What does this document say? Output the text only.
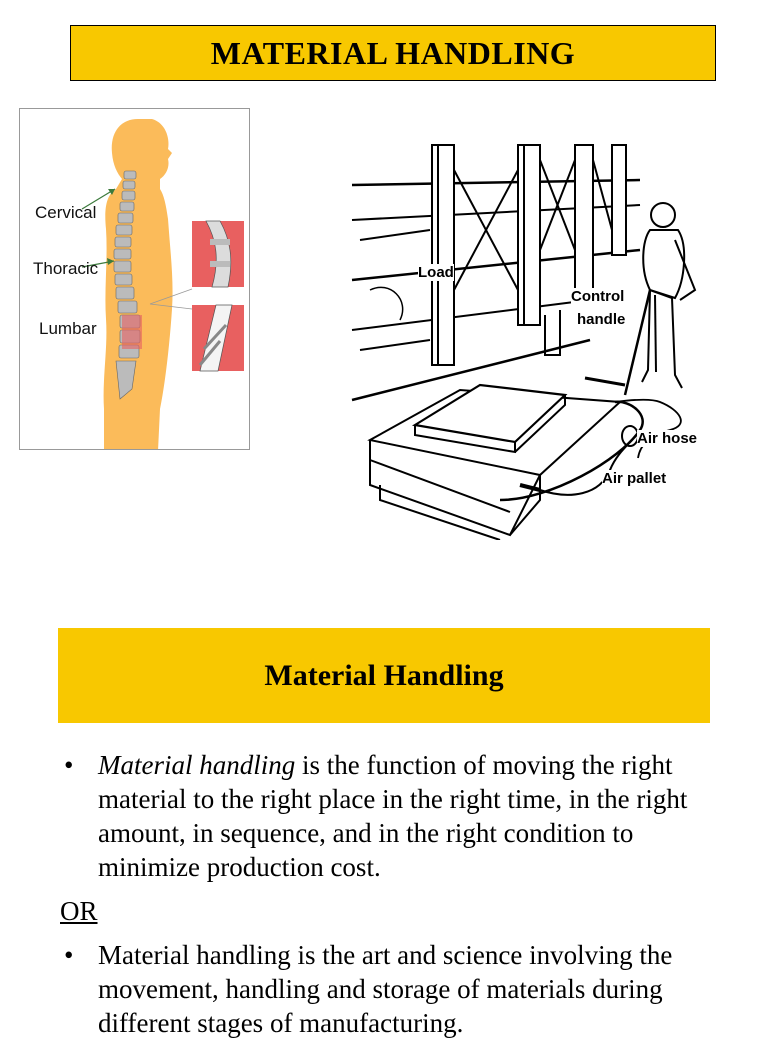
MATERIAL HANDLING
Cervical
Thoracic
Lumbar
Load
Control
handle
Air hose
Air pallet
Material Handling
• Material handling is the function of moving the right material to the right place in the right time, in the right amount, in sequence, and in the right condition to minimize production cost.
OR
• Material handling is the art and science involving the movement, handling and storage of materials during different stages of manufacturing.
